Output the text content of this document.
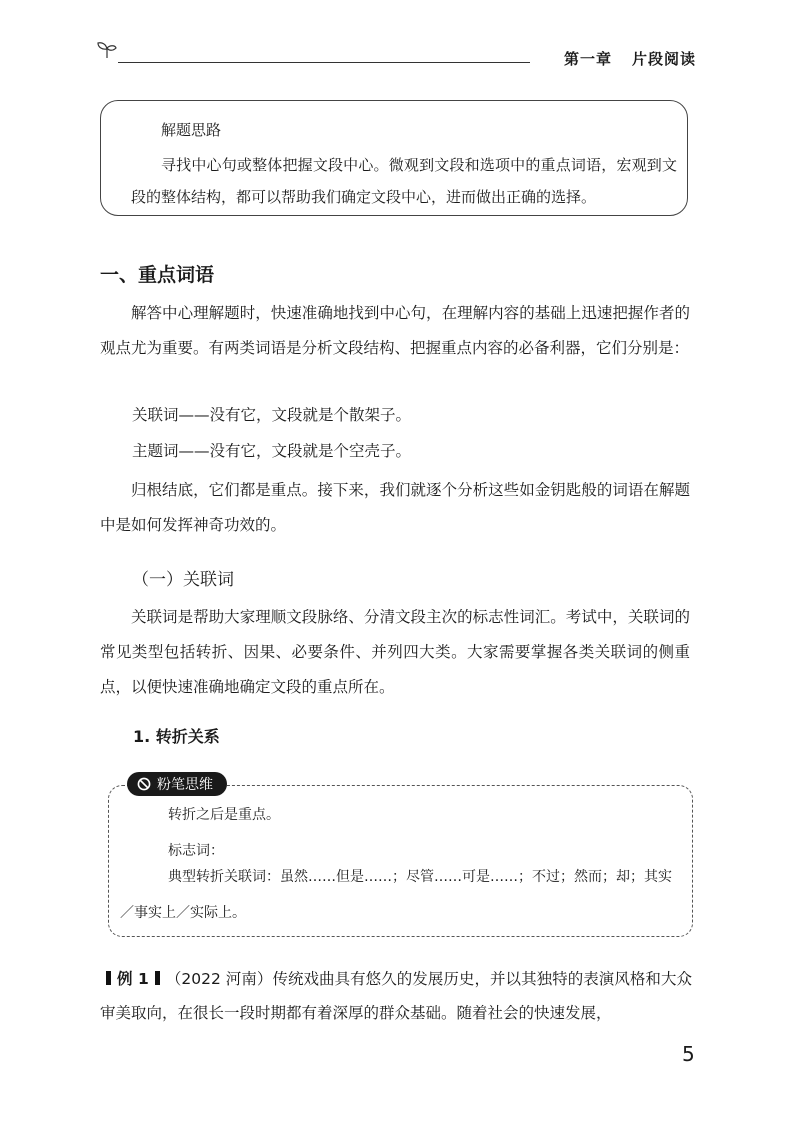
第一章 片段阅读
解题思路
寻找中心句或整体把握文段中心。微观到文段和选项中的重点词语，宏观到文段的整体结构，都可以帮助我们确定文段中心，进而做出正确的选择。
一、重点词语
解答中心理解题时，快速准确地找到中心句，在理解内容的基础上迅速把握作者的观点尤为重要。有两类词语是分析文段结构、把握重点内容的必备利器，它们分别是：
关联词——没有它，文段就是个散架子。
主题词——没有它，文段就是个空壳子。
归根结底，它们都是重点。接下来，我们就逐个分析这些如金钥匙般的词语在解题中是如何发挥神奇功效的。
（一）关联词
关联词是帮助大家理顺文段脉络、分清文段主次的标志性词汇。考试中，关联词的常见类型包括转折、因果、必要条件、并列四大类。大家需要掌握各类关联词的侧重点，以便快速准确地确定文段的重点所在。
1. 转折关系
粉笔思维
转折之后是重点。
标志词：
典型转折关联词：虽然……但是……；尽管……可是……；不过；然而；却；其实／事实上／实际上。
例 1 （2022 河南）传统戏曲具有悠久的发展历史，并以其独特的表演风格和大众审美取向，在很长一段时期都有着深厚的群众基础。随着社会的快速发展，
5
